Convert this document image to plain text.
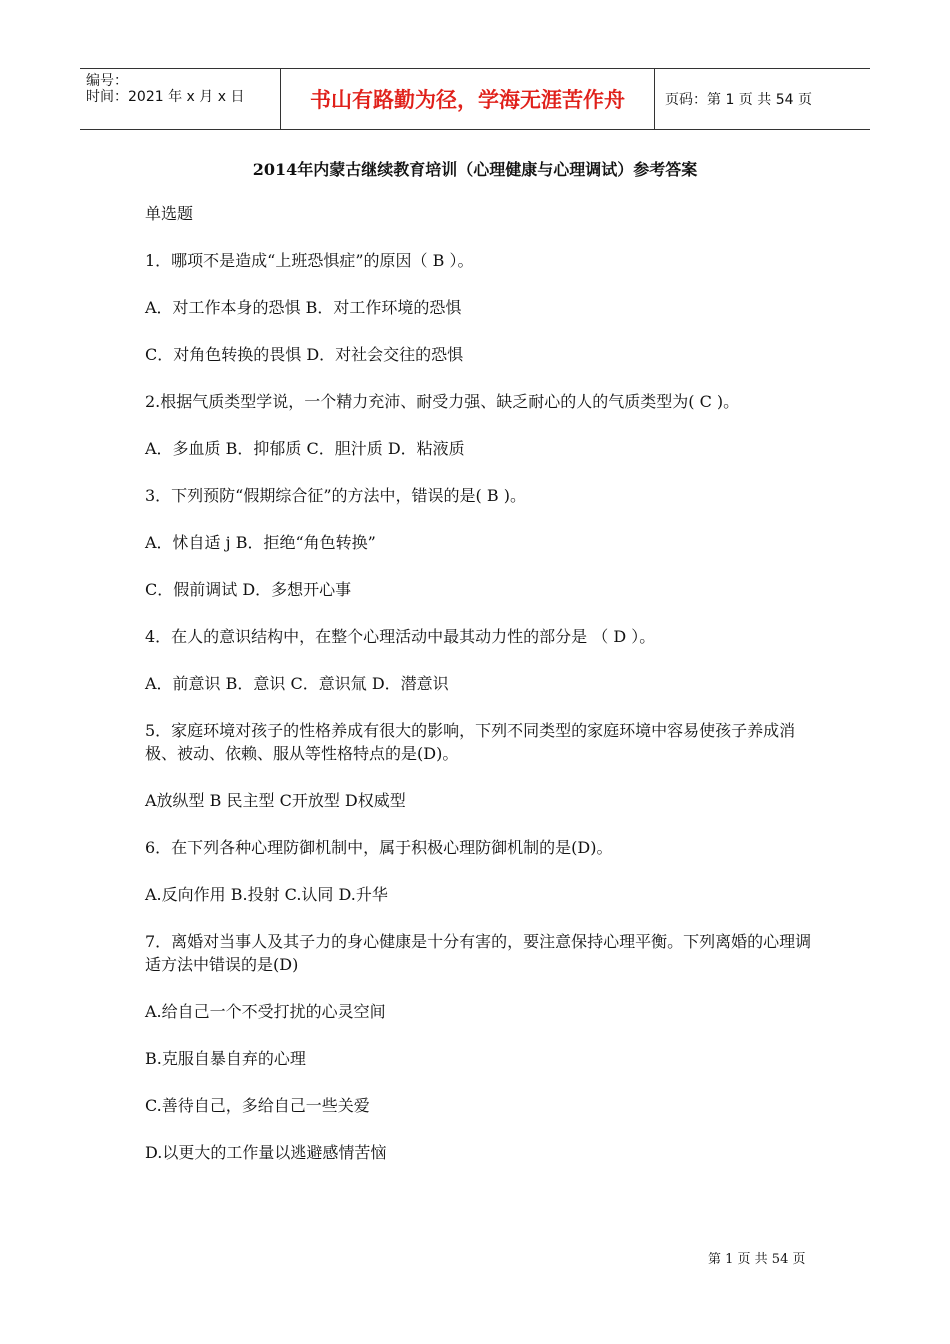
编号：
时间：2021 年 x 月 x 日	书山有路勤为径，学海无涯苦作舟	页码：第 1 页 共 54 页
2014年内蒙古继续教育培训（心理健康与心理调试）参考答案

单选题

1．哪项不是造成“上班恐惧症”的原因（ B ）。

A．对工作本身的恐惧 B．对工作环境的恐惧

C．对角色转换的畏惧 D．对社会交往的恐惧

2.根据气质类型学说，一个精力充沛、耐受力强、缺乏耐心的人的气质类型为( C )。

A．多血质 B．抑郁质 C．胆汁质 D．粘液质

3．下列预防“假期综合征”的方法中，错误的是( B )。

A．怵自适 j B．拒绝“角色转换”

C．假前调试 D．多想开心事

4．在人的意识结构中，在整个心理活动中最其动力性的部分是 （ D ）。

A．前意识 B．意识 C．意识氚 D．潜意识

5．家庭环境对孩子的性格养成有很大的影响，下列不同类型的家庭环境中容易使孩子养成消极、被动、依赖、服从等性格特点的是(D)。

A放纵型 B 民主型 C开放型 D权威型

6．在下列各种心理防御机制中，属于积极心理防御机制的是(D)。

A.反向作用 B.投射 C.认同 D.升华

7．离婚对当事人及其子力的身心健康是十分有害的，要注意保持心理平衡。下列离婚的心理调适方法中错误的是(D)

A.给自己一个不受打扰的心灵空间

B.克服自暴自弃的心理

C.善待自己，多给自己一些关爱

D.以更大的工作量以逃避感情苦恼

第 1 页 共 54 页
